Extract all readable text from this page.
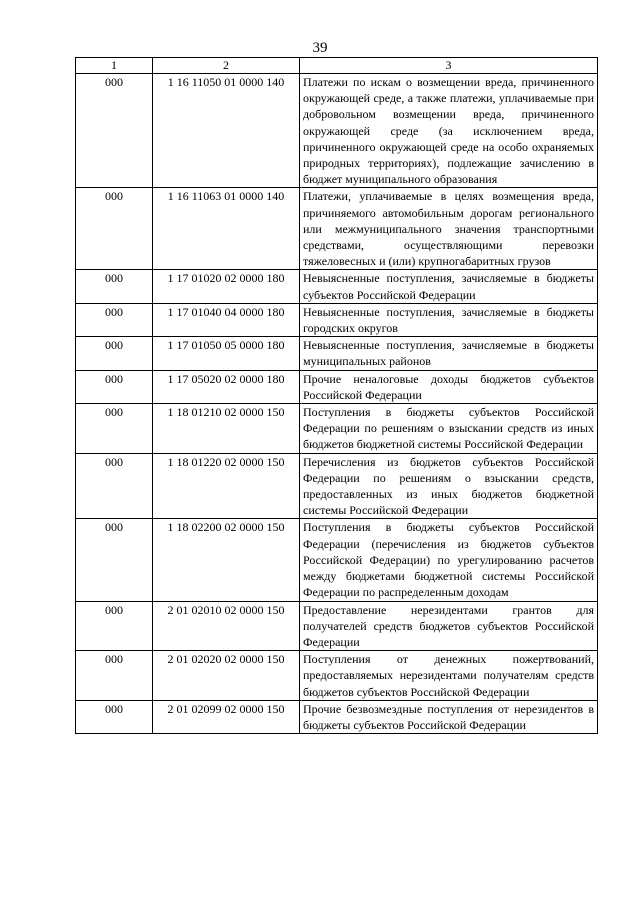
39
1	2	3
000	1 16 11050 01 0000 140	Платежи по искам о возмещении вреда, причиненного окружающей среде, а также платежи, уплачиваемые при добровольном возмещении вреда, причиненного окружающей среде (за исключением вреда, причиненного окружающей среде на особо охраняемых природных территориях), подлежащие зачислению в бюджет муниципального образования
000	1 16 11063 01 0000 140	Платежи, уплачиваемые в целях возмещения вреда, причиняемого автомобильным дорогам регионального или межмуниципального значения транспортными средствами, осуществляющими перевозки тяжеловесных и (или) крупногабаритных грузов
000	1 17 01020 02 0000 180	Невыясненные поступления, зачисляемые в бюджеты субъектов Российской Федерации
000	1 17 01040 04 0000 180	Невыясненные поступления, зачисляемые в бюджеты городских округов
000	1 17 01050 05 0000 180	Невыясненные поступления, зачисляемые в бюджеты муниципальных районов
000	1 17 05020 02 0000 180	Прочие неналоговые доходы бюджетов субъектов Российской Федерации
000	1 18 01210 02 0000 150	Поступления в бюджеты субъектов Российской Федерации по решениям о взыскании средств из иных бюджетов бюджетной системы Российской Федерации
000	1 18 01220 02 0000 150	Перечисления из бюджетов субъектов Российской Федерации по решениям о взыскании средств, предоставленных из иных бюджетов бюджетной системы Российской Федерации
000	1 18 02200 02 0000 150	Поступления в бюджеты субъектов Российской Федерации (перечисления из бюджетов субъектов Российской Федерации) по урегулированию расчетов между бюджетами бюджетной системы Российской Федерации по распределенным доходам
000	2 01 02010 02 0000 150	Предоставление нерезидентами грантов для получателей средств бюджетов субъектов Российской Федерации
000	2 01 02020 02 0000 150	Поступления от денежных пожертвований, предоставляемых нерезидентами получателям средств бюджетов субъектов Российской Федерации
000	2 01 02099 02 0000 150	Прочие безвозмездные поступления от нерезидентов в бюджеты субъектов Российской Федерации
